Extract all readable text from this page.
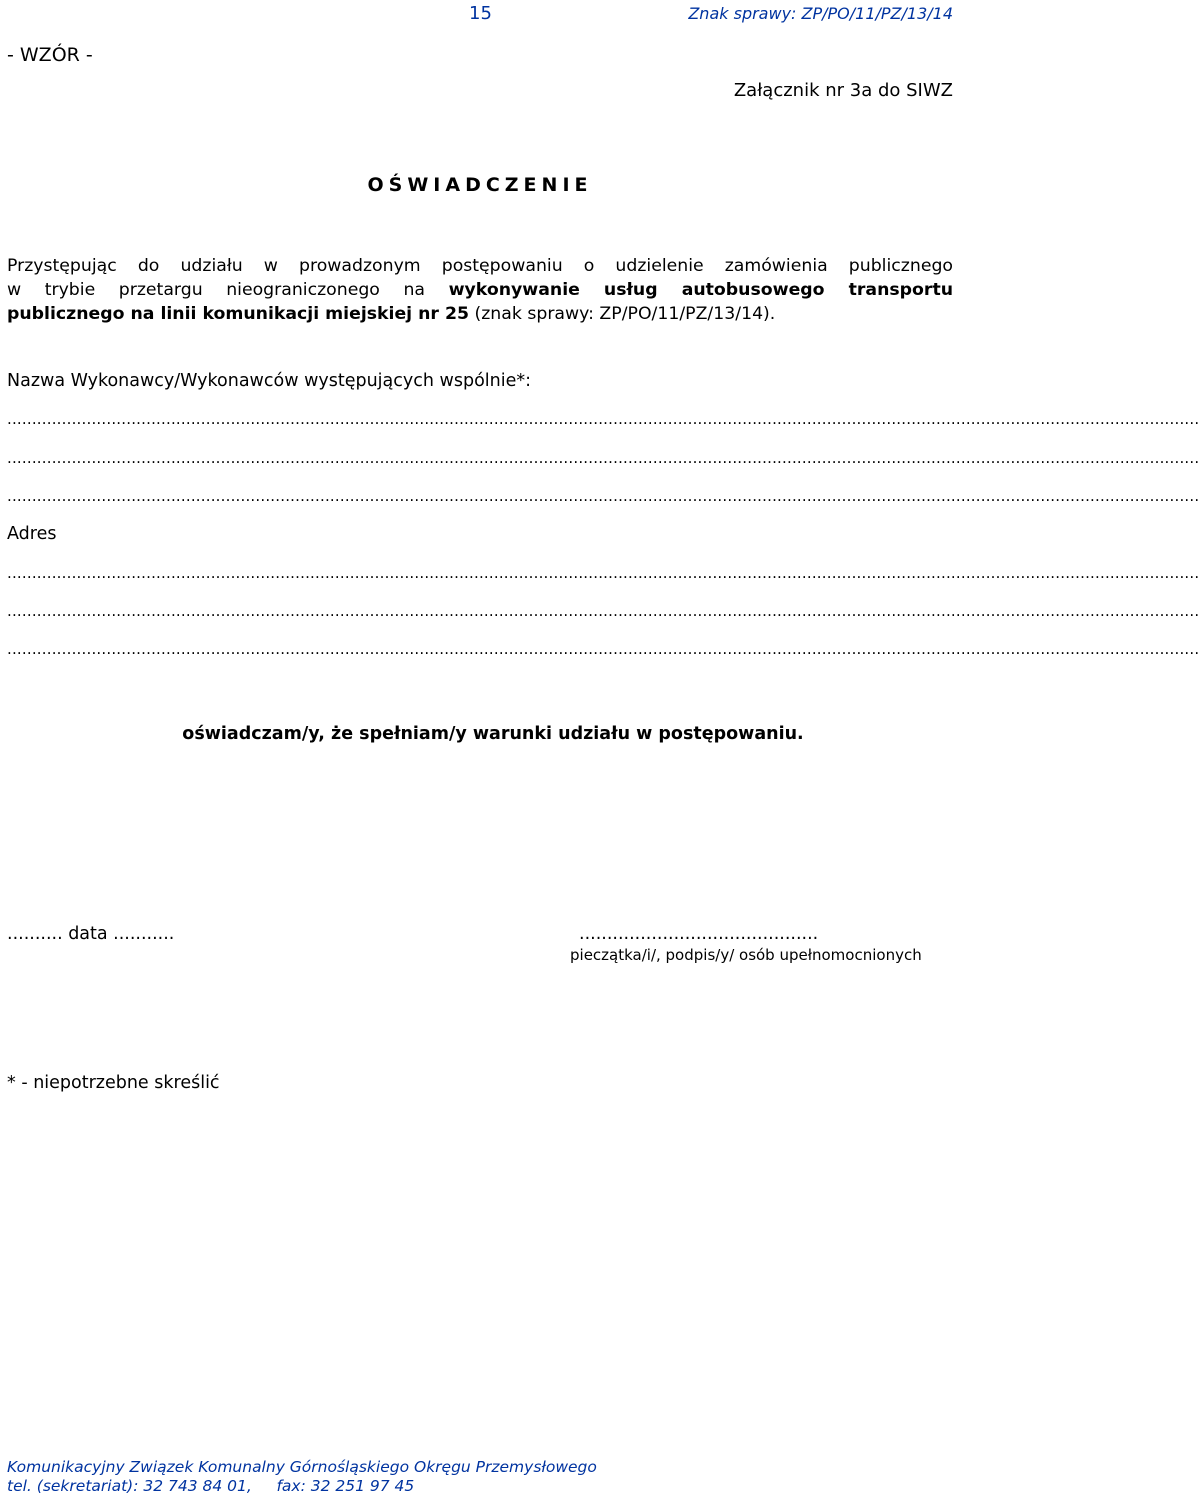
15	Znak sprawy: ZP/PO/11/PZ/13/14
- WZÓR -
Załącznik nr 3a do SIWZ
OŚWIADCZENIE
Przystępując do udziału w prowadzonym postępowaniu o udzielenie zamówienia publicznego
w trybie przetargu nieograniczonego na wykonywanie usług autobusowego transportu
publicznego na linii komunikacji miejskiej nr 25 (znak sprawy: ZP/PO/11/PZ/13/14).
Nazwa Wykonawcy/Wykonawców występujących wspólnie*:
................................................................................................................................................................................................................................................
................................................................................................................................................................................................................................................
................................................................................................................................................................................................................................................
Adres
................................................................................................................................................................................................................................................
................................................................................................................................................................................................................................................
................................................................................................................................................................................................................................................
oświadczam/y, że spełniam/y warunki udziału w postępowaniu.
.......... data ...........	...........................................
pieczątka/i/, podpis/y/ osób upełnomocnionych
* - niepotrzebne skreślić
Komunikacyjny Związek Komunalny Górnośląskiego Okręgu Przemysłowego
tel. (sekretariat): 32 743 84 01,     fax: 32 251 97 45
